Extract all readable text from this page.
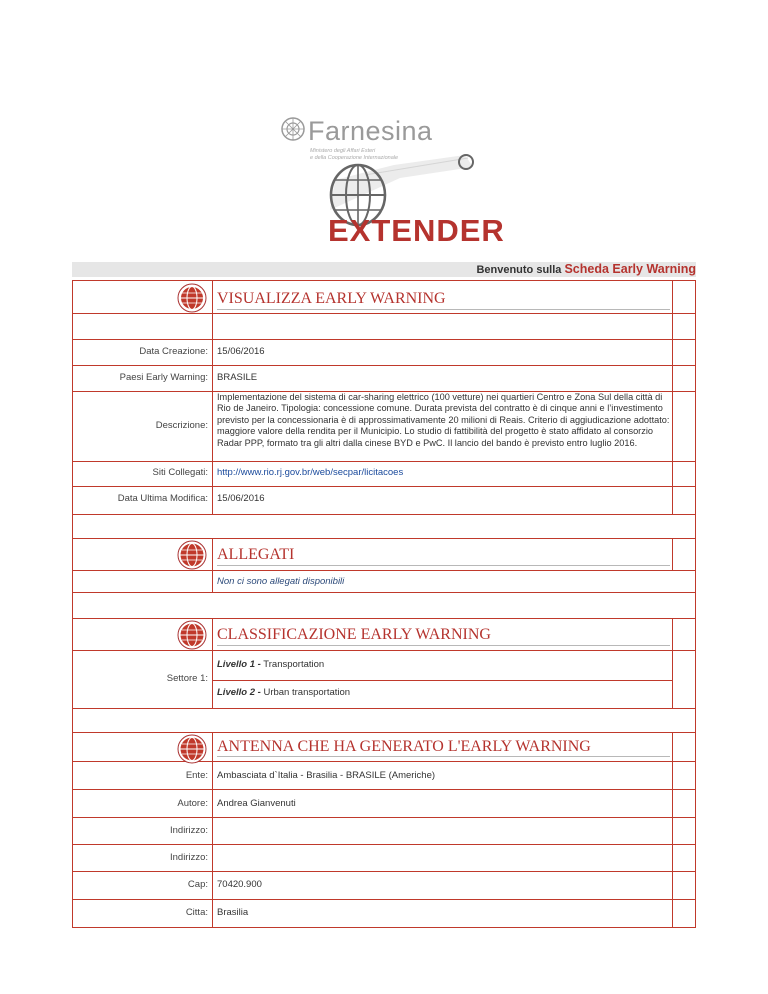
Farnesina
Ministero degli Affari Esteri
e della Cooperazione Internazionale
EXTENDER
Benvenuto sulla Scheda Early Warning
VISUALIZZA EARLY WARNING
Data Creazione: 15/06/2016
Paesi Early Warning: BRASILE
Descrizione:
Implementazione del sistema di car-sharing elettrico (100 vetture) nei quartieri Centro e Zona Sul della città di Rio de Janeiro. Tipologia: concessione comune. Durata prevista del contratto è di cinque anni e l’investimento previsto per la concessionaria è di approssimativamente 20 milioni di Reais. Criterio di aggiudicazione adottato: maggiore valore della rendita per il Municipio. Lo studio di fattibilità del progetto è stato affidato al consorzio Radar PPP, formato tra gli altri dalla cinese BYD e PwC. Il lancio del bando è previsto entro luglio 2016.
Siti Collegati: http://www.rio.rj.gov.br/web/secpar/licitacoes
Data Ultima Modifica: 15/06/2016
ALLEGATI
Non ci sono allegati disponibili
CLASSIFICAZIONE EARLY WARNING
Settore 1:
Livello 1 - Transportation
Livello 2 - Urban transportation
ANTENNA CHE HA GENERATO L'EARLY WARNING
Ente: Ambasciata d`Italia - Brasilia - BRASILE (Americhe)
Autore: Andrea Gianvenuti
Indirizzo:
Indirizzo:
Cap: 70420.900
Citta: Brasilia
